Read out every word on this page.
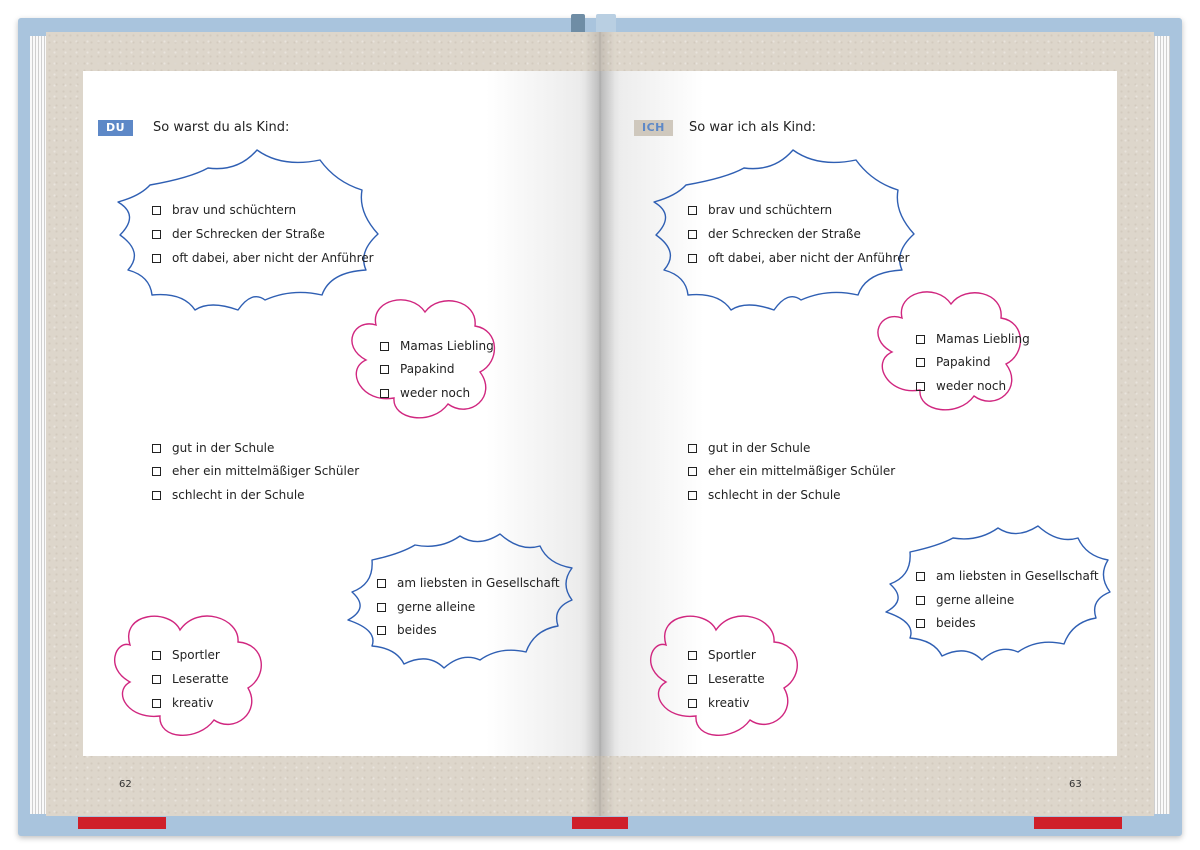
DU	So warst du als Kind:
brav und schüchtern
der Schrecken der Straße
oft dabei, aber nicht der Anführer
Mamas Liebling
Papakind
weder noch
gut in der Schule
eher ein mittelmäßiger Schüler
schlecht in der Schule
am liebsten in Gesellschaft
gerne alleine
beides
Sportler
Leseratte
kreativ
62
ICH	So war ich als Kind:
brav und schüchtern
der Schrecken der Straße
oft dabei, aber nicht der Anführer
Mamas Liebling
Papakind
weder noch
gut in der Schule
eher ein mittelmäßiger Schüler
schlecht in der Schule
am liebsten in Gesellschaft
gerne alleine
beides
Sportler
Leseratte
kreativ
63
